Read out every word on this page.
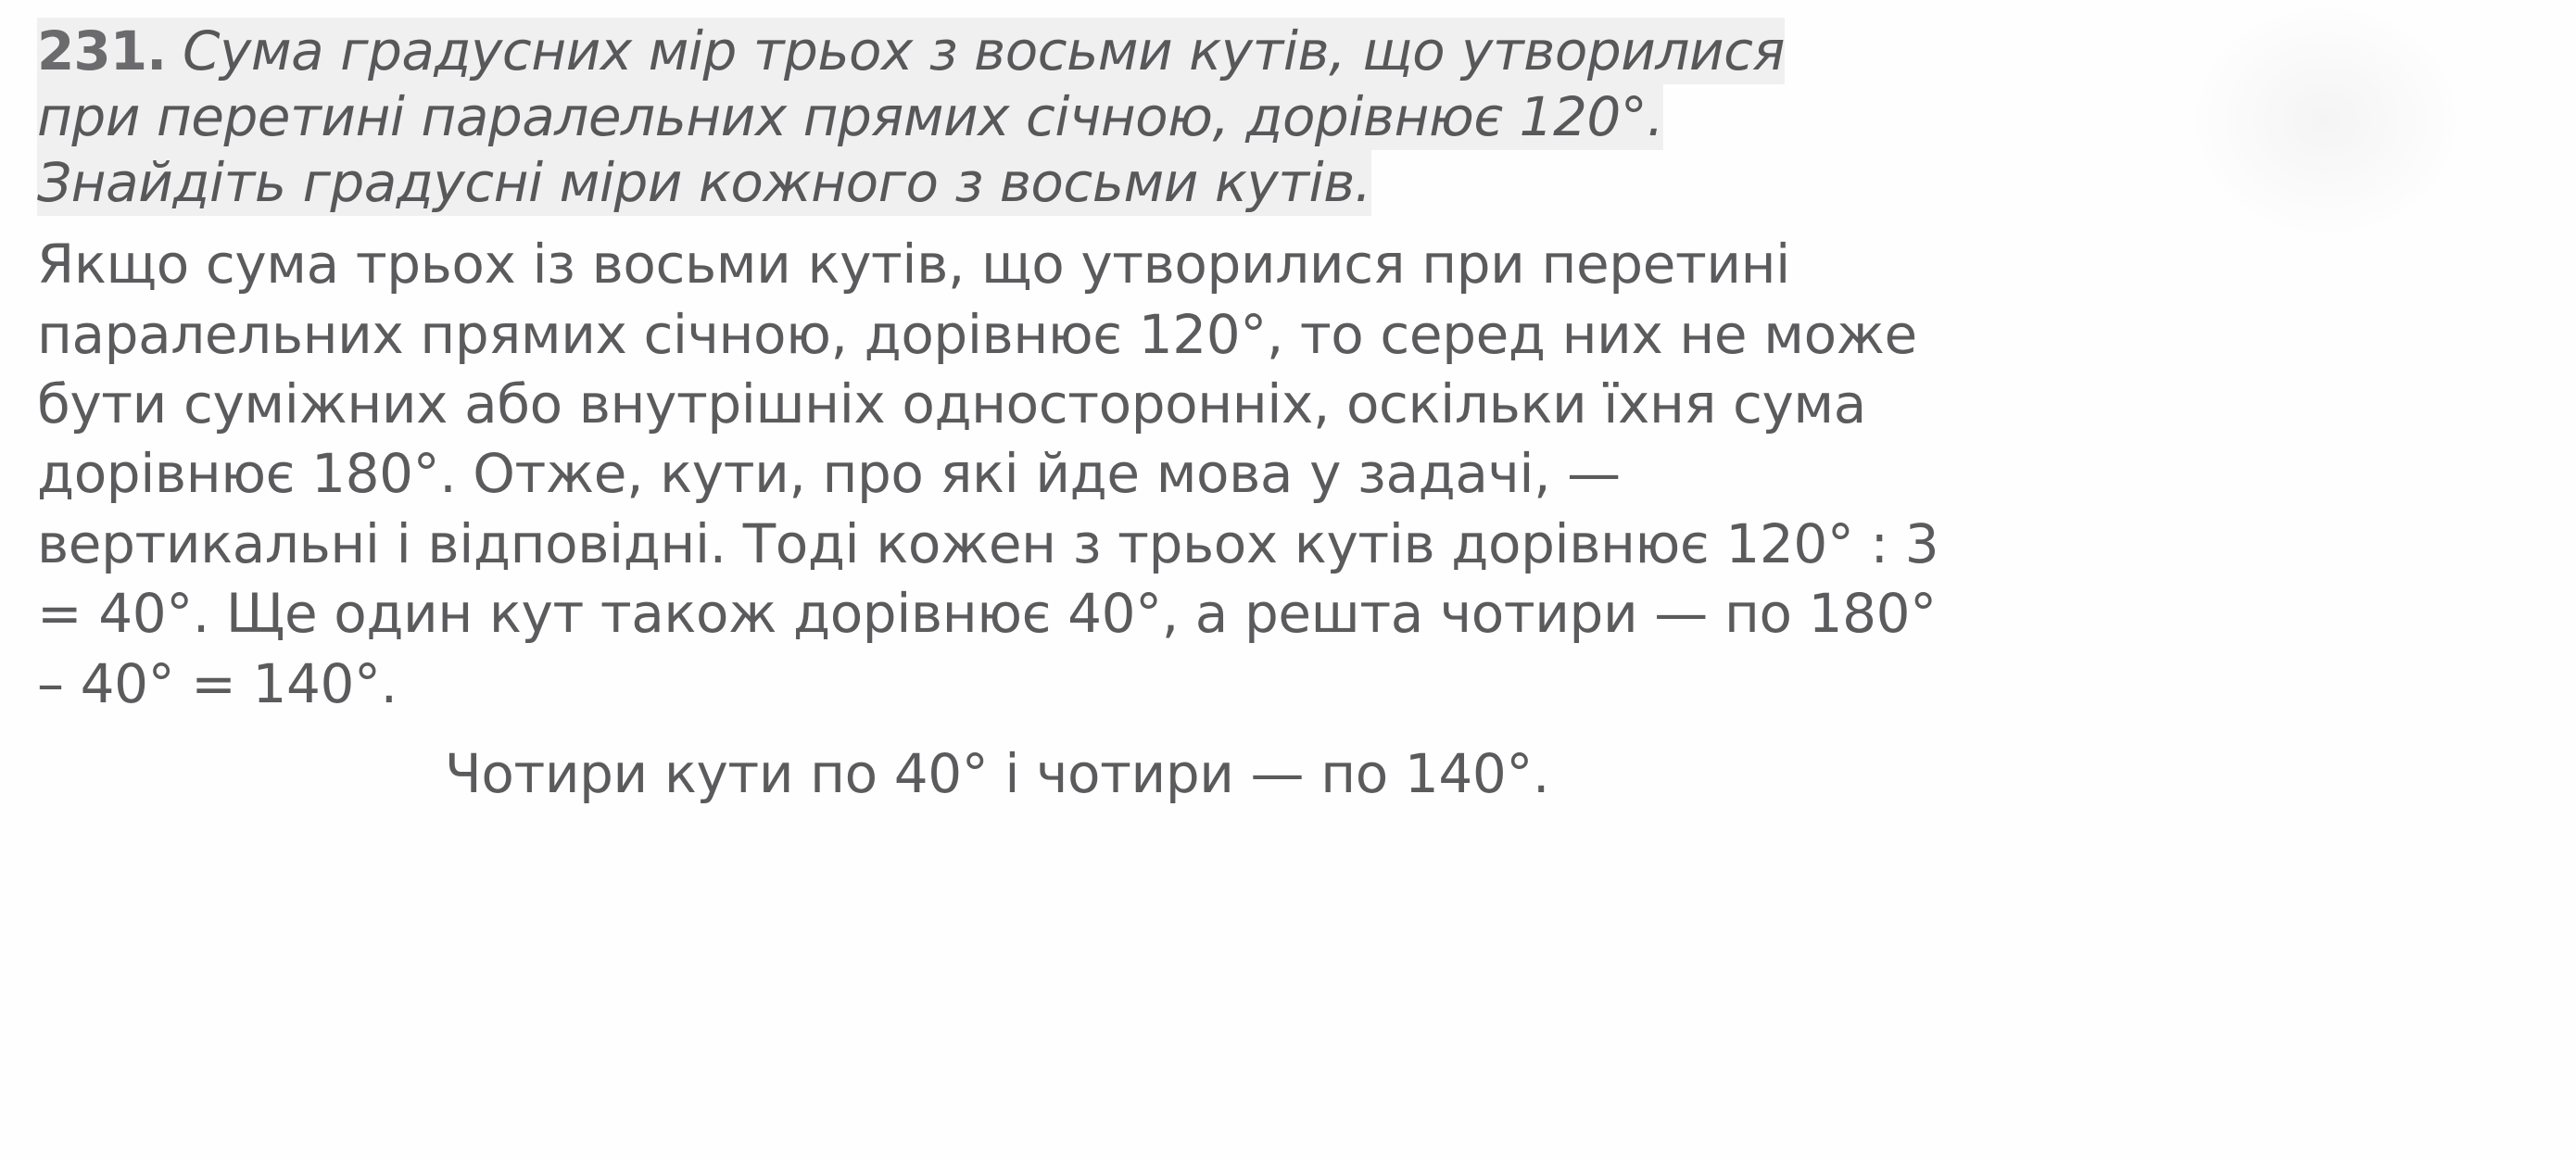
231. Сума градусних мір трьох з восьми кутів, що утворилися
при перетині паралельних прямих січною, дорівнює 120°.
Знайдіть градусні міри кожного з восьми кутів.
Якщо сума трьох із восьми кутів, що утворилися при перетині
паралельних прямих січною, дорівнює 120°, то серед них не може
бути суміжних або внутрішніх односторонніх, оскільки їхня сума
дорівнює 180°. Отже, кути, про які йде мова у задачі, —
вертикальні і відповідні. Тоді кожен з трьох кутів дорівнює 120° : 3
= 40°. Ще один кут також дорівнює 40°, а решта чотири — по 180°
– 40° = 140°.
Чотири кути по 40° і чотири — по 140°.
